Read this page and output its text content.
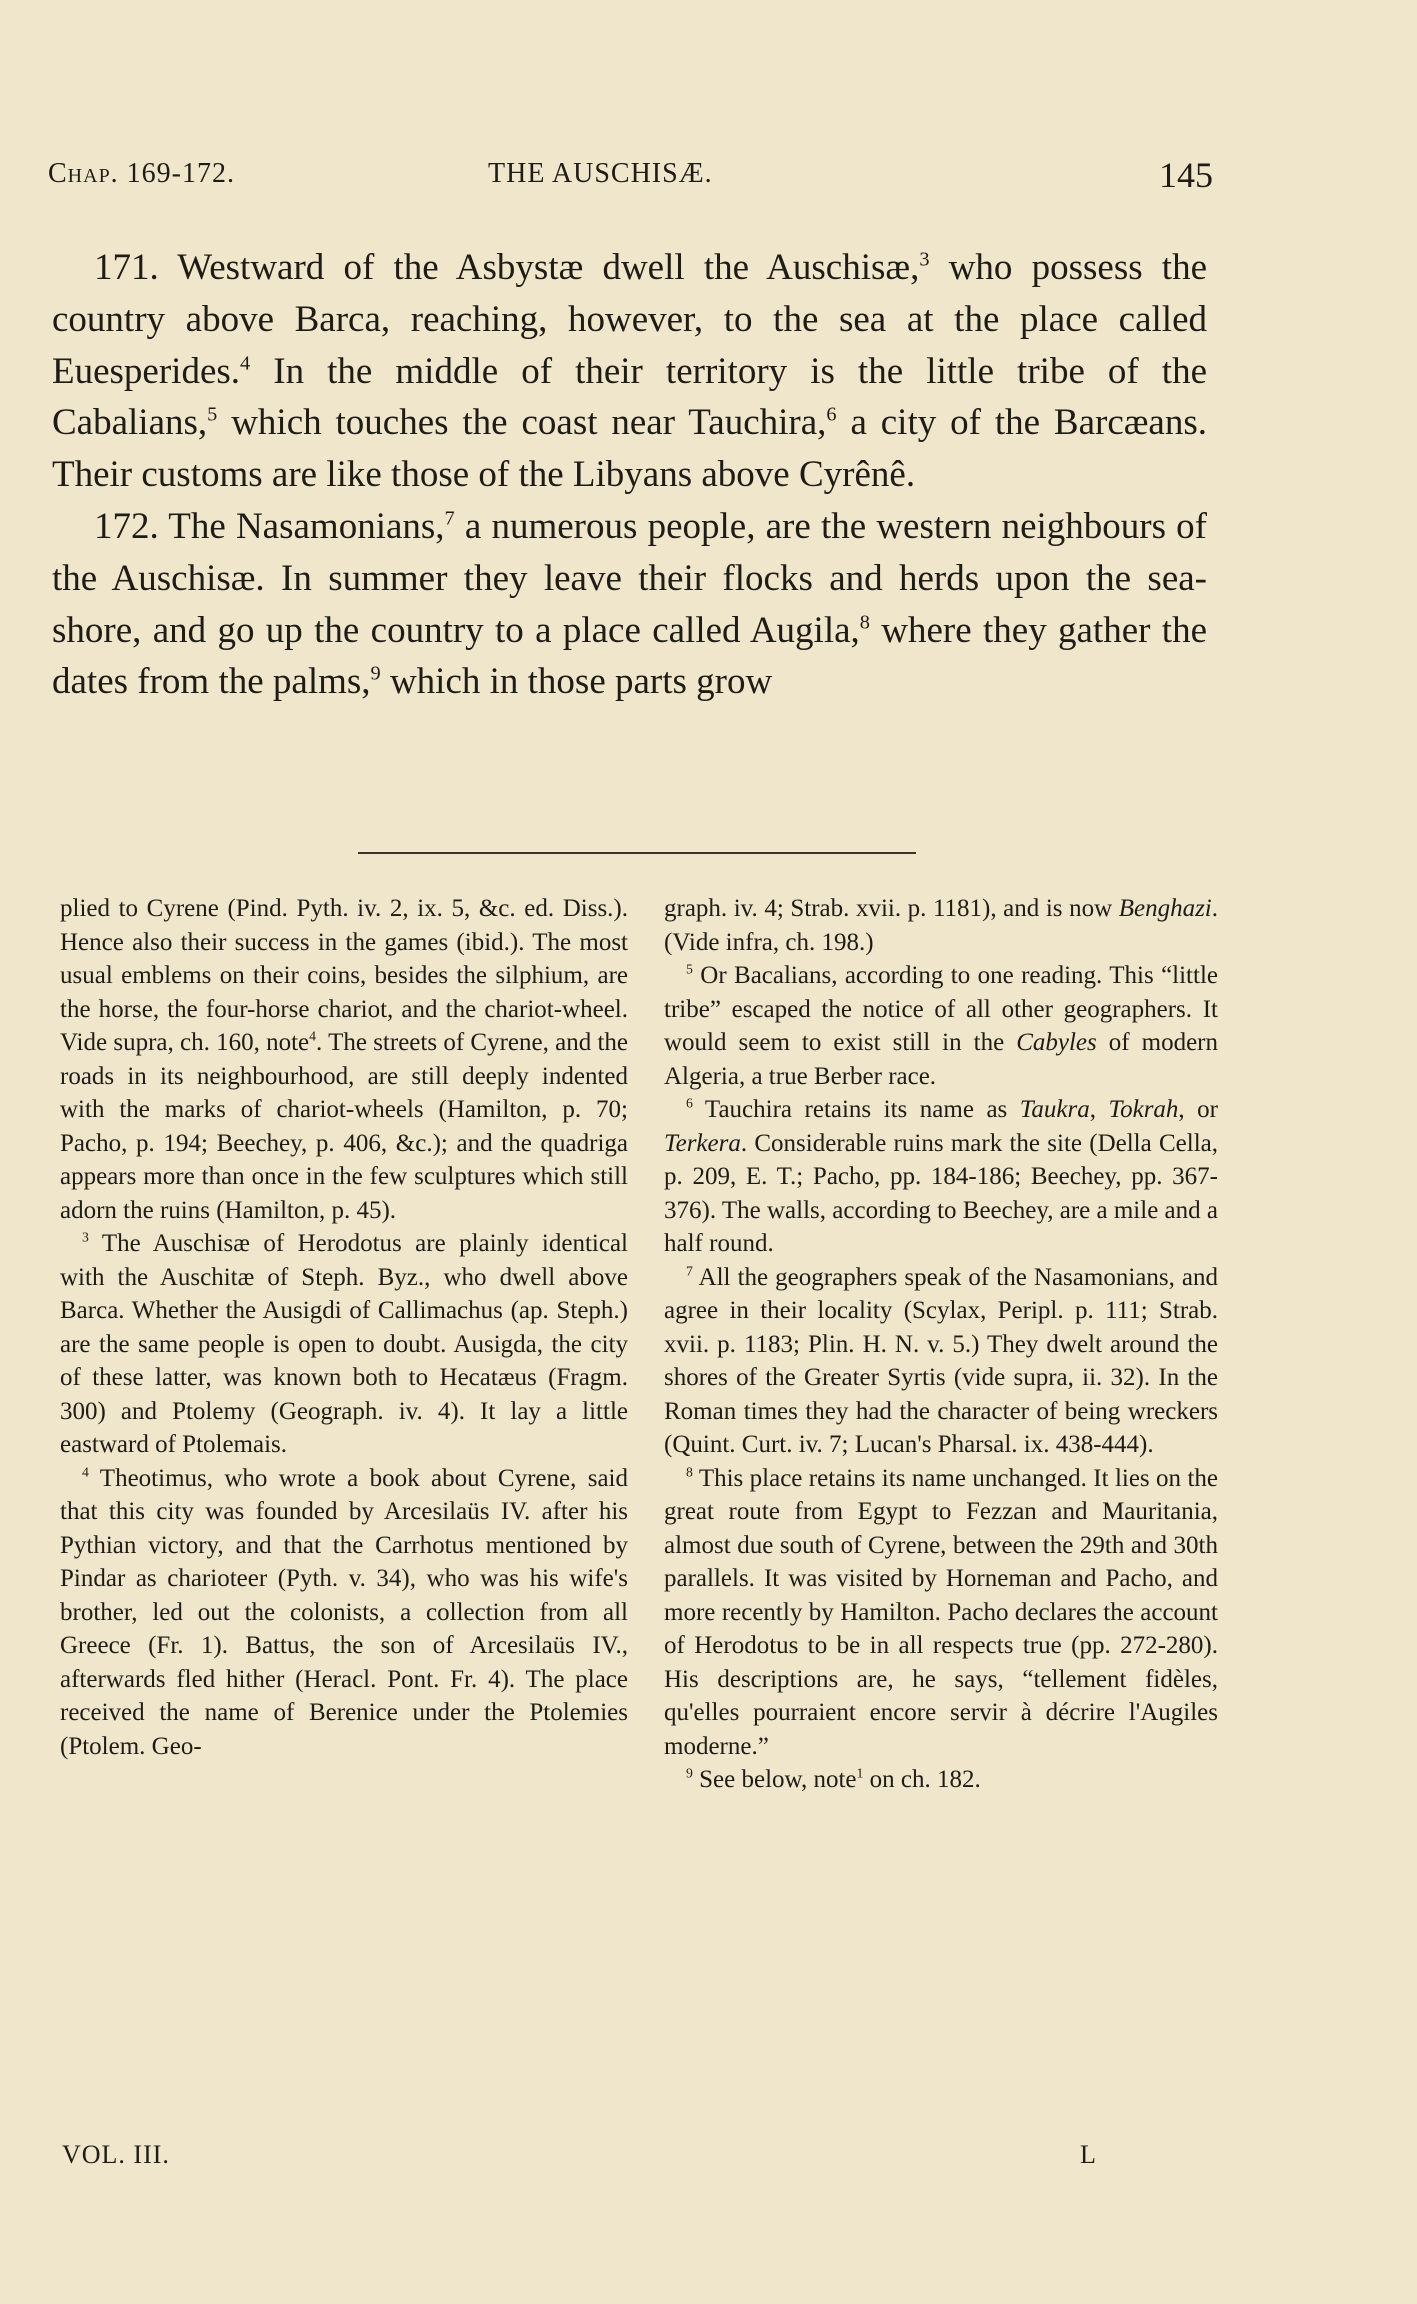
Chap. 169-172.	THE AUSCHISÆ.	145

171. Westward of the Asbystæ dwell the Auschisæ,$^3$ who possess the country above Barca, reaching, however, to the sea at the place called Euesperides.$^4$ In the middle of their territory is the little tribe of the Cabalians,$^5$ which touches the coast near Tauchira,$^6$ a city of the Barcæans. Their customs are like those of the Libyans above Cyrênê.

172. The Nasamonians,$^7$ a numerous people, are the western neighbours of the Auschisæ. In summer they leave their flocks and herds upon the sea-shore, and go up the country to a place called Augila,$^8$ where they gather the dates from the palms,$^9$ which in those parts grow

plied to Cyrene (Pind. Pyth. iv. 2, ix. 5, &c. ed. Diss.). Hence also their success in the games (ibid.). The most usual emblems on their coins, besides the silphium, are the horse, the four-horse chariot, and the chariot-wheel. Vide supra, ch. 160, note$^4$. The streets of Cyrene, and the roads in its neighbourhood, are still deeply indented with the marks of chariot-wheels (Hamilton, p. 70; Pacho, p. 194; Beechey, p. 406, &c.); and the quadriga appears more than once in the few sculptures which still adorn the ruins (Hamilton, p. 45).

$^3$ The Auschisæ of Herodotus are plainly identical with the Auschitæ of Steph. Byz., who dwell above Barca. Whether the Ausigdi of Callimachus (ap. Steph.) are the same people is open to doubt. Ausigda, the city of these latter, was known both to Hecatæus (Fragm. 300) and Ptolemy (Geograph. iv. 4). It lay a little eastward of Ptolemais.

$^4$ Theotimus, who wrote a book about Cyrene, said that this city was founded by Arcesilaüs IV. after his Pythian victory, and that the Carrhotus mentioned by Pindar as charioteer (Pyth. v. 34), who was his wife's brother, led out the colonists, a collection from all Greece (Fr. 1). Battus, the son of Arcesilaüs IV., afterwards fled hither (Heracl. Pont. Fr. 4). The place received the name of Berenice under the Ptolemies (Ptolem. Geo-

graph. iv. 4; Strab. xvii. p. 1181), and is now Benghazi. (Vide infra, ch. 198.)

$^5$ Or Bacalians, according to one reading. This “little tribe” escaped the notice of all other geographers. It would seem to exist still in the Cabyles of modern Algeria, a true Berber race.

$^6$ Tauchira retains its name as Taukra, Tokrah, or Terkera. Considerable ruins mark the site (Della Cella, p. 209, E. T.; Pacho, pp. 184-186; Beechey, pp. 367-376). The walls, according to Beechey, are a mile and a half round.

$^7$ All the geographers speak of the Nasamonians, and agree in their locality (Scylax, Peripl. p. 111; Strab. xvii. p. 1183; Plin. H. N. v. 5.) They dwelt around the shores of the Greater Syrtis (vide supra, ii. 32). In the Roman times they had the character of being wreckers (Quint. Curt. iv. 7; Lucan's Pharsal. ix. 438-444).

$^8$ This place retains its name unchanged. It lies on the great route from Egypt to Fezzan and Mauritania, almost due south of Cyrene, between the 29th and 30th parallels. It was visited by Horneman and Pacho, and more recently by Hamilton. Pacho declares the account of Herodotus to be in all respects true (pp. 272-280). His descriptions are, he says, “tellement fidèles, qu'elles pourraient encore servir à décrire l'Augiles moderne.”

$^9$ See below, note$^1$ on ch. 182.

VOL. III.	L
